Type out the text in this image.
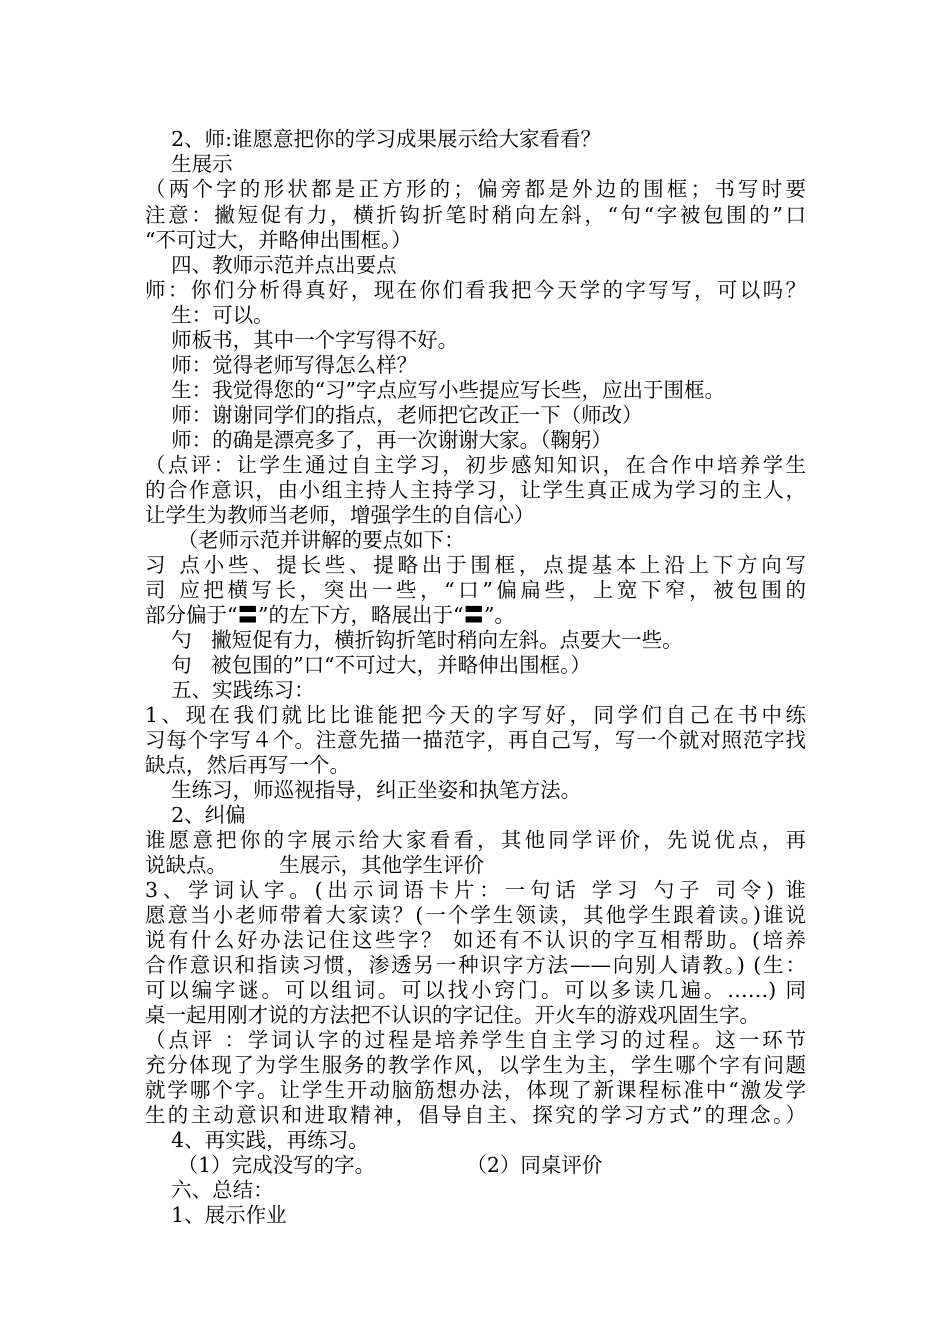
2、师:谁愿意把你的学习成果展示给大家看看？
生展示
（两个字的形状都是正方形的；偏旁都是外边的围框；书写时要
注意：撇短促有力，横折钩折笔时稍向左斜，“句“字被包围的”口
“不可过大，并略伸出围框。）
四、教师示范并点出要点
师：你们分析得真好，现在你们看我把今天学的字写写，可以吗？
生：可以。
师板书，其中一个字写得不好。
师：觉得老师写得怎么样？
生：我觉得您的“习”字点应写小些提应写长些，应出于围框。
师：谢谢同学们的指点，老师把它改正一下（师改）
师：的确是漂亮多了，再一次谢谢大家。（鞠躬）
（点评：让学生通过自主学习，初步感知知识，在合作中培养学生
的合作意识，由小组主持人主持学习，让学生真正成为学习的主人，
让学生为教师当老师，增强学生的自信心）
（老师示范并讲解的要点如下：
习 点小些、提长些、提略出于围框，点提基本上沿上下方向写
司 应把横写长，突出一些，“口”偏扁些，上宽下窄，被包围的
部分偏于“〓”的左下方，略展出于“〓”。
勺   撇短促有力，横折钩折笔时稍向左斜。点要大一些。
句   被包围的”口“不可过大，并略伸出围框。）
五、实践练习：
1、现在我们就比比谁能把今天的字写好，同学们自己在书中练
习每个字写４个。注意先描一描范字，再自己写，写一个就对照范字找
缺点，然后再写一个。
生练习，师巡视指导，纠正坐姿和执笔方法。
2、纠偏
谁愿意把你的字展示给大家看看，其他同学评价，先说优点，再
说缺点。        生展示，其他学生评价
3、学词认字。(出示词语卡片：一句话 学习 勺子 司令) 谁
愿意当小老师带着大家读？(一个学生领读，其他学生跟着读。)谁说
说有什么好办法记住这些字？ 如还有不认识的字互相帮助。(培养
合作意识和指读习惯，渗透另一种识字方法——向别人请教。) (生：
可以编字谜。可以组词。可以找小窍门。可以多读几遍。……) 同
桌一起用刚才说的方法把不认识的字记住。开火车的游戏巩固生字。
（点评 ：学词认字的过程是培养学生自主学习的过程。这一环节
充分体现了为学生服务的教学作风，以学生为主，学生哪个字有问题
就学哪个字。让学生开动脑筋想办法，体现了新课程标准中“激发学
生的主动意识和进取精神，倡导自主、探究的学习方式”的理念。）
4、再实践，再练习。
（1）完成没写的字。              （2）同桌评价
六、总结：
1、展示作业
